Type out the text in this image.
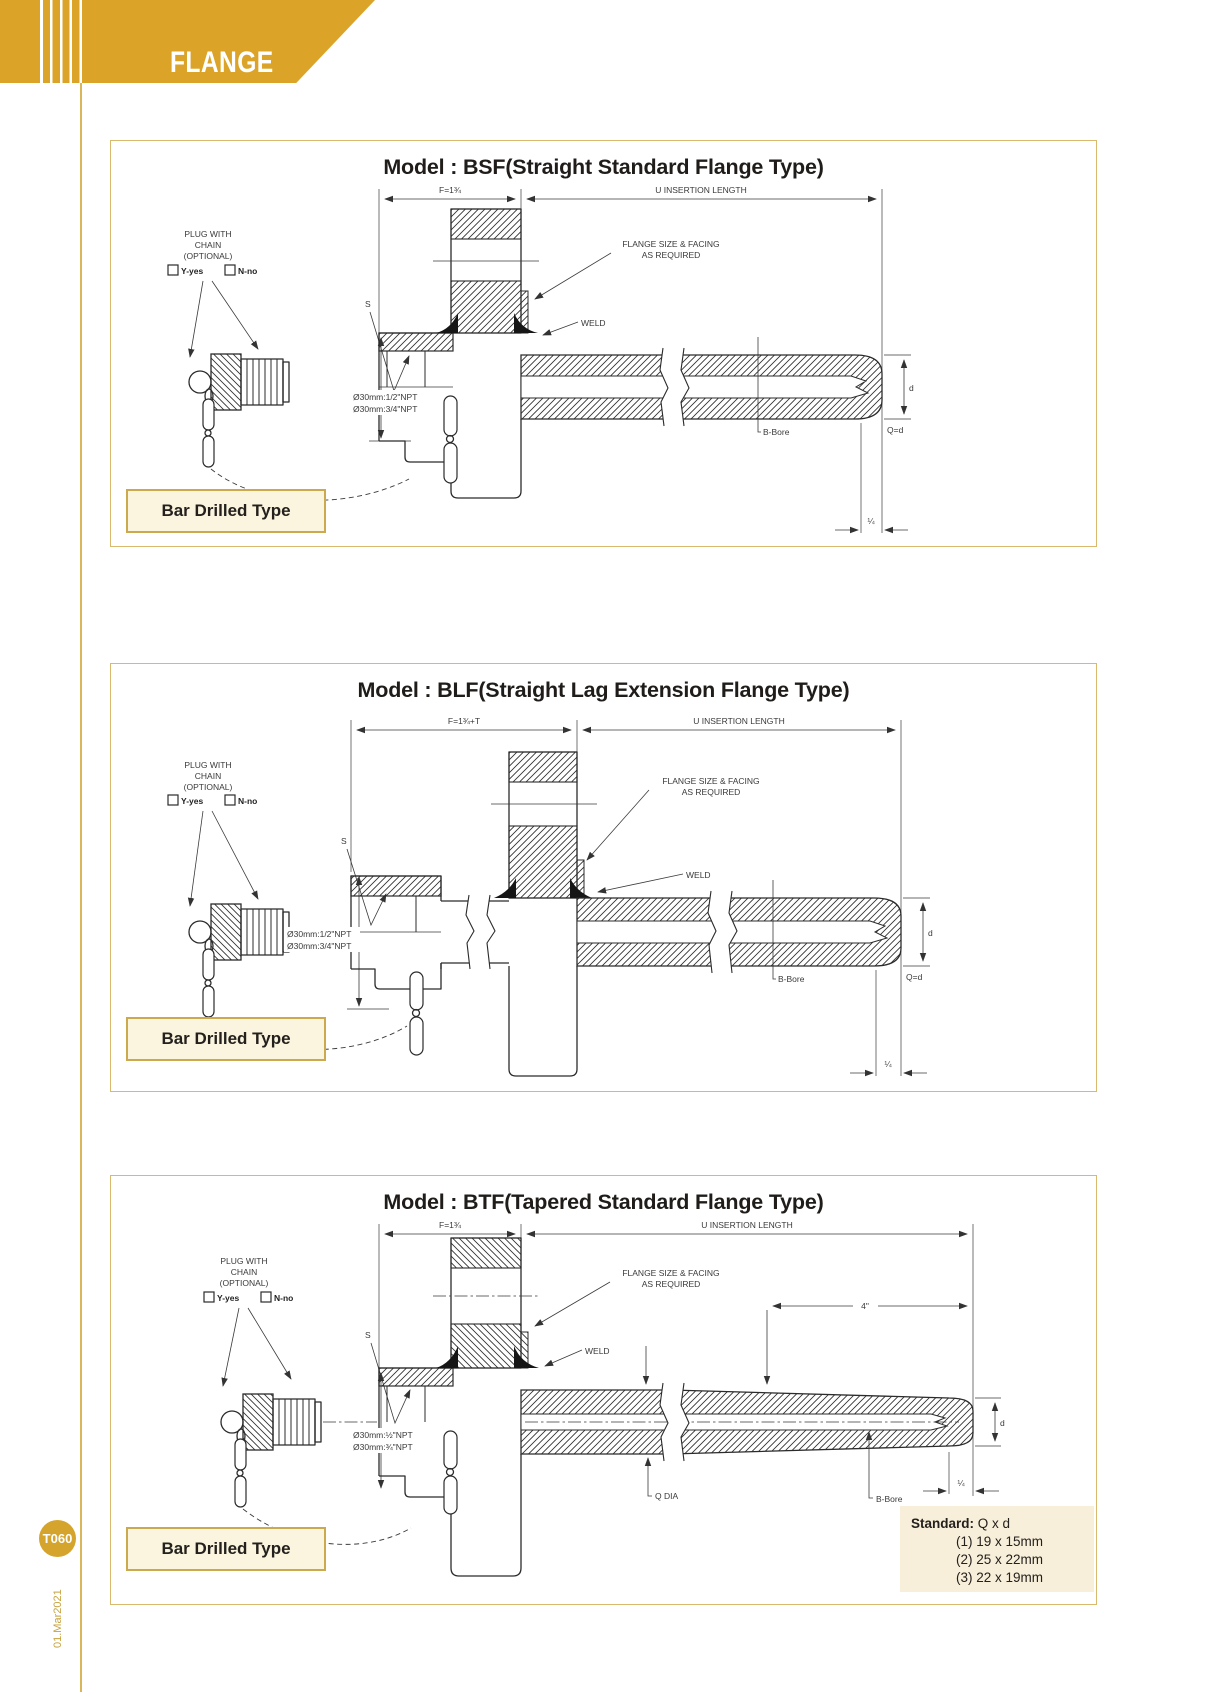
FLANGE
Model : BSF(Straight Standard Flange Type)
F=1¾	U INSERTION LENGTH
PLUG WITH
CHAIN
(OPTIONAL)
Y-yes	N-no
S
Ø30mm:1/2"NPT
Ø30mm:3/4"NPT
B-Bore
d
Q=d
¼
FLANGE SIZE & FACING
AS REQUIRED
WELD
Bar Drilled Type
Model : BLF(Straight Lag Extension Flange Type)
F=1¾+T	U INSERTION LENGTH
PLUG WITH
CHAIN
(OPTIONAL)
Y-yes	N-no
S
Ø30mm:1/2"NPT
Ø30mm:3/4"NPT
B-Bore
d
Q=d
¼
FLANGE SIZE & FACING
AS REQUIRED
WELD
Bar Drilled Type
Model : BTF(Tapered Standard Flange Type)
F=1¾	U INSERTION LENGTH
4"
PLUG WITH
CHAIN
(OPTIONAL)
Y-yes	N-no
S
Ø30mm:½"NPT
Ø30mm:¾"NPT
Q DIA	B-Bore
¼
d
FLANGE SIZE & FACING
AS REQUIRED
WELD
Standard: Q x d
(1) 19 x 15mm
(2) 25 x 22mm
(3) 22 x 19mm
Bar Drilled Type
T060
01.Mar2021
